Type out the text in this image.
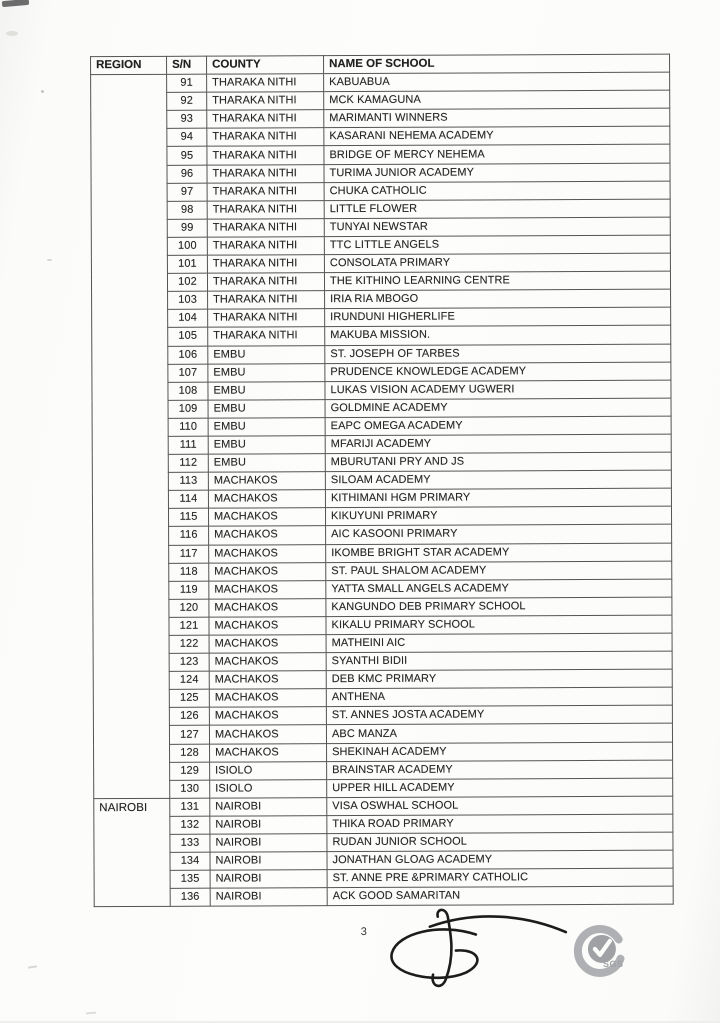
REGION	S/N	COUNTY	NAME OF SCHOOL
	91	THARAKA NITHI	KABUABUA
	92	THARAKA NITHI	MCK KAMAGUNA
	93	THARAKA NITHI	MARIMANTI WINNERS
	94	THARAKA NITHI	KASARANI NEHEMA ACADEMY
	95	THARAKA NITHI	BRIDGE OF MERCY NEHEMA
	96	THARAKA NITHI	TURIMA JUNIOR ACADEMY
	97	THARAKA NITHI	CHUKA CATHOLIC
	98	THARAKA NITHI	LITTLE FLOWER
	99	THARAKA NITHI	TUNYAI NEWSTAR
	100	THARAKA NITHI	TTC LITTLE ANGELS
	101	THARAKA NITHI	CONSOLATA PRIMARY
	102	THARAKA NITHI	THE KITHINO LEARNING CENTRE
	103	THARAKA NITHI	IRIA RIA MBOGO
	104	THARAKA NITHI	IRUNDUNI HIGHERLIFE
	105	THARAKA NITHI	MAKUBA MISSION.
	106	EMBU	ST. JOSEPH OF TARBES
	107	EMBU	PRUDENCE KNOWLEDGE ACADEMY
	108	EMBU	LUKAS VISION ACADEMY UGWERI
	109	EMBU	GOLDMINE ACADEMY
	110	EMBU	EAPC OMEGA ACADEMY
	111	EMBU	MFARIJI ACADEMY
	112	EMBU	MBURUTANI PRY AND JS
	113	MACHAKOS	SILOAM ACADEMY
	114	MACHAKOS	KITHIMANI HGM PRIMARY
	115	MACHAKOS	KIKUYUNI PRIMARY
	116	MACHAKOS	AIC KASOONI PRIMARY
	117	MACHAKOS	IKOMBE BRIGHT STAR ACADEMY
	118	MACHAKOS	ST. PAUL SHALOM ACADEMY
	119	MACHAKOS	YATTA SMALL ANGELS ACADEMY
	120	MACHAKOS	KANGUNDO DEB PRIMARY SCHOOL
	121	MACHAKOS	KIKALU PRIMARY SCHOOL
	122	MACHAKOS	MATHEINI AIC
	123	MACHAKOS	SYANTHI BIDII
	124	MACHAKOS	DEB KMC PRIMARY
	125	MACHAKOS	ANTHENA
	126	MACHAKOS	ST. ANNES JOSTA ACADEMY
	127	MACHAKOS	ABC MANZA
	128	MACHAKOS	SHEKINAH ACADEMY
	129	ISIOLO	BRAINSTAR ACADEMY
	130	ISIOLO	UPPER HILL ACADEMY
NAIROBI	131	NAIROBI	VISA OSWHAL SCHOOL
	132	NAIROBI	THIKA ROAD PRIMARY
	133	NAIROBI	RUDAN JUNIOR SCHOOL
	134	NAIROBI	JONATHAN GLOAG ACADEMY
	135	NAIROBI	ST. ANNE PRE &PRIMARY CATHOLIC
	136	NAIROBI	ACK GOOD SAMARITAN
3
SGS
